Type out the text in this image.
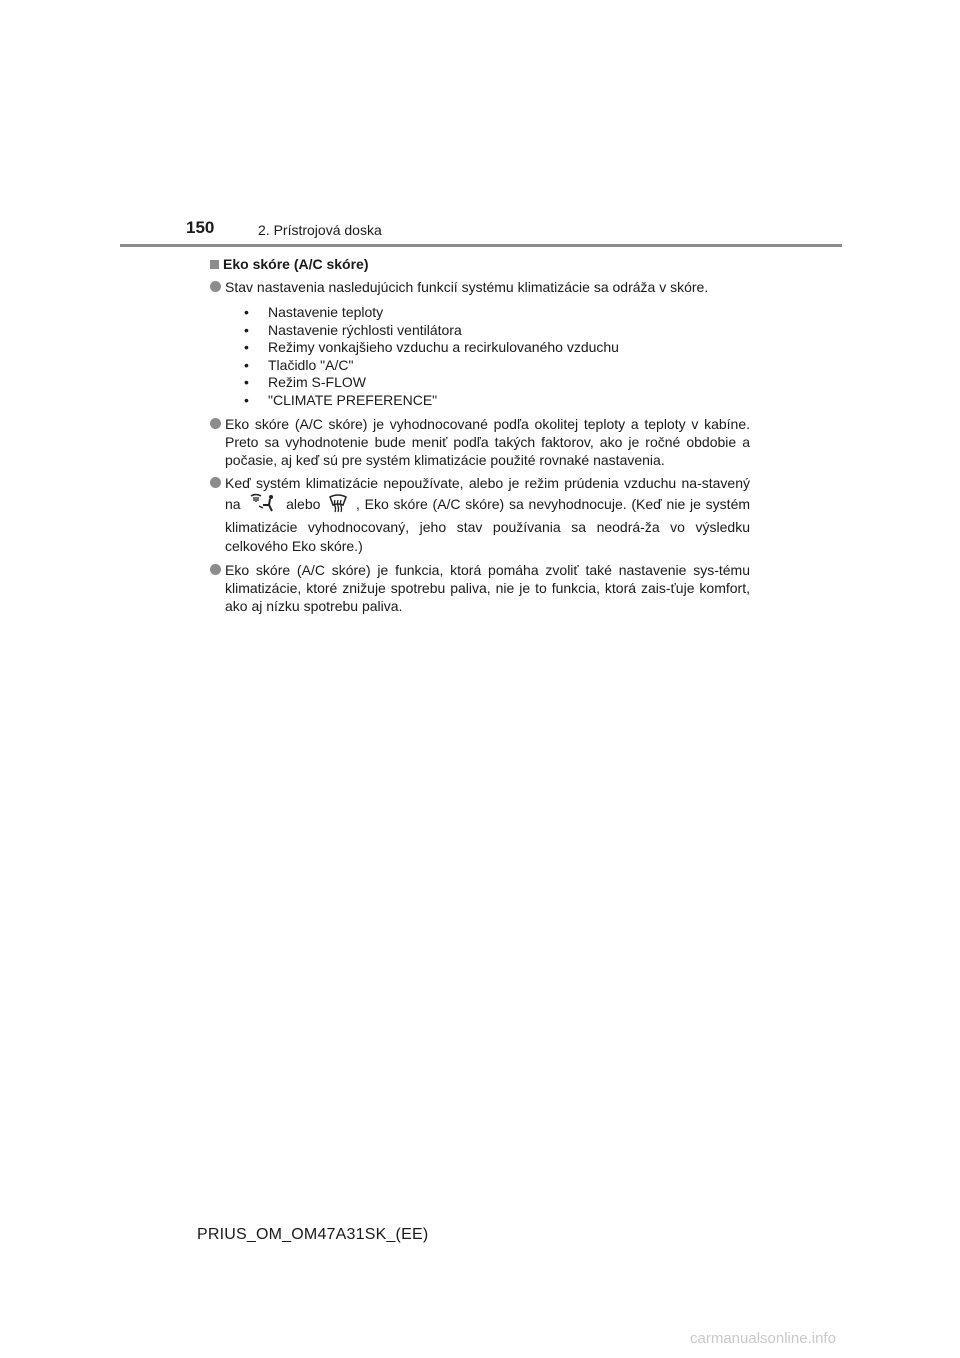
150	2. Prístrojová doska
Eko skóre (A/C skóre)
Stav nastavenia nasledujúcich funkcií systému klimatizácie sa odráža v skóre.
•	Nastavenie teploty
•	Nastavenie rýchlosti ventilátora
•	Režimy vonkajšieho vzduchu a recirkulovaného vzduchu
•	Tlačidlo "A/C"
•	Režim S-FLOW
•	"CLIMATE PREFERENCE"
Eko skóre (A/C skóre) je vyhodnocované podľa okolitej teploty a teploty v kabíne. Preto sa vyhodnotenie bude meniť podľa takých faktorov, ako je ročné obdobie a počasie, aj keď sú pre systém klimatizácie použité rovnaké nastavenia.
Keď systém klimatizácie nepoužívate, alebo je režim prúdenia vzduchu na-stavený na	alebo	, Eko skóre (A/C skóre) sa nevyhodnocuje. (Keď nie je systém klimatizácie vyhodnocovaný, jeho stav používania sa neodrá-ža vo výsledku celkového Eko skóre.)
Eko skóre (A/C skóre) je funkcia, ktorá pomáha zvoliť také nastavenie sys-tému klimatizácie, ktoré znižuje spotrebu paliva, nie je to funkcia, ktorá zais-ťuje komfort, ako aj nízku spotrebu paliva.
PRIUS_OM_OM47A31SK_(EE)
carmanualsonline.info
